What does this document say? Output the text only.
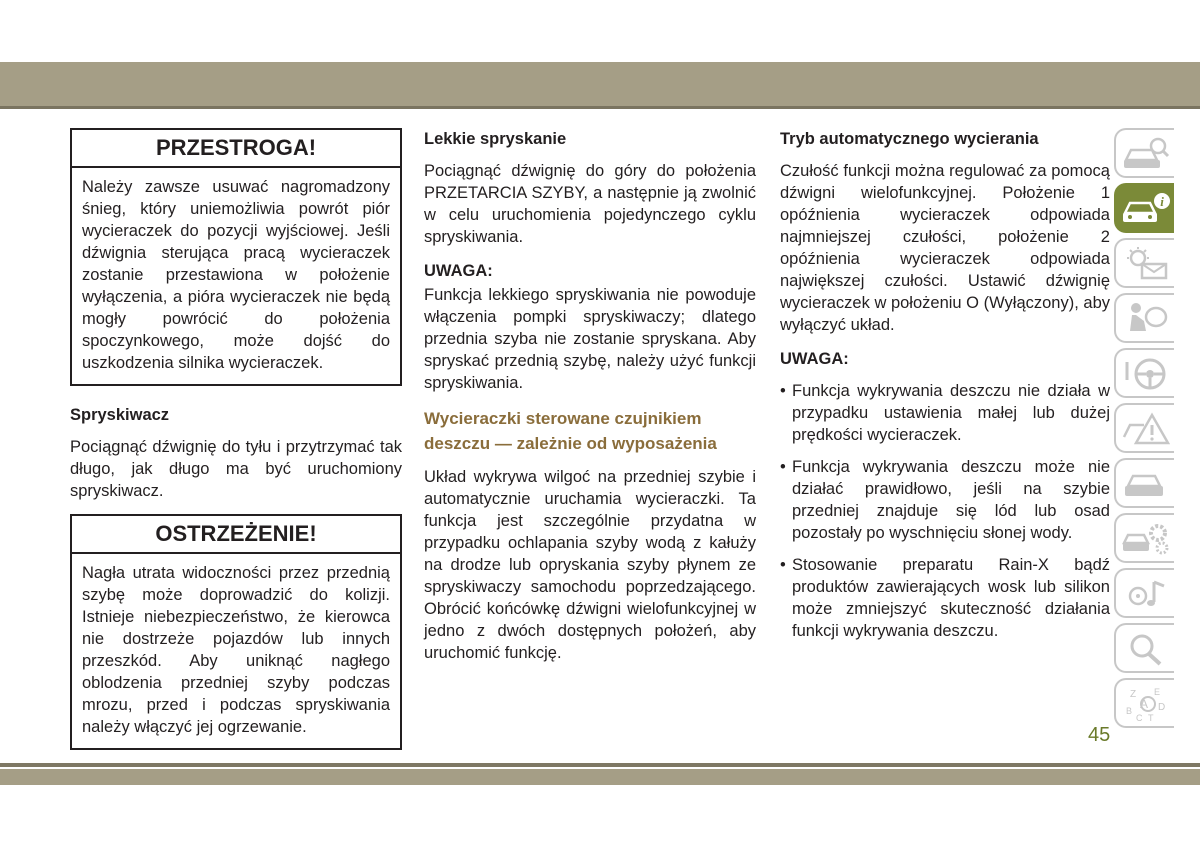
PRZESTROGA!
Należy zawsze usuwać nagromadzony śnieg, który uniemożliwia powrót piór wycieraczek do pozycji wyjściowej. Jeśli dźwignia sterująca pracą wycieraczek zostanie przestawiona w położenie wyłączenia, a pióra wycieraczek nie będą mogły powrócić do położenia spoczynkowego, może dojść do uszkodzenia silnika wycieraczek.
Spryskiwacz

Pociągnąć dźwignię do tyłu i przytrzymać tak długo, jak długo ma być uruchomiony spryskiwacz.

OSTRZEŻENIE!
Nagła utrata widoczności przez przednią szybę może doprowadzić do kolizji. Istnieje niebezpieczeństwo, że kierowca nie dostrzeże pojazdów lub innych przeszkód. Aby uniknąć nagłego oblodzenia przedniej szyby podczas mrozu, przed i podczas spryskiwania należy włączyć jej ogrzewanie.
Lekkie spryskanie

Pociągnąć dźwignię do góry do położenia PRZETARCIA SZYBY, a następnie ją zwolnić w celu uruchomienia pojedynczego cyklu spryskiwania.

UWAGA:

Funkcja lekkiego spryskiwania nie powoduje włączenia pompki spryskiwaczy; dlatego przednia szyba nie zostanie spryskana. Aby spryskać przednią szybę, należy użyć funkcji spryskiwania.

Wycieraczki sterowane czujnikiem deszczu — zależnie od wyposażenia

Układ wykrywa wilgoć na przedniej szybie i automatycznie uruchamia wycieraczki. Ta funkcja jest szczególnie przydatna w przypadku ochlapania szyby wodą z kałuży na drodze lub opryskania szyby płynem ze spryskiwaczy samochodu poprzedzającego. Obrócić końcówkę dźwigni wielofunkcyjnej w jedno z dwóch dostępnych położeń, aby uruchomić funkcję.

Tryb automatycznego wycierania

Czułość funkcji można regulować za pomocą dźwigni wielofunkcyjnej. Położenie 1 opóźnienia wycieraczek odpowiada najmniejszej czułości, położenie 2 opóźnienia wycieraczek odpowiada największej czułości. Ustawić dźwignię wycieraczek w położeniu O (Wyłączony), aby wyłączyć układ.

UWAGA:
• Funkcja wykrywania deszczu nie działa w przypadku ustawienia małej lub dużej prędkości wycieraczek.
• Funkcja wykrywania deszczu może nie działać prawidłowo, jeśli na szybie przedniej znajduje się lód lub osad pozostały po wyschnięciu słonej wody.
• Stosowanie preparatu Rain-X bądź produktów zawierających wosk lub silikon może zmniejszyć skuteczność działania funkcji wykrywania deszczu.
i
Z E
A
B	D
C T
45
